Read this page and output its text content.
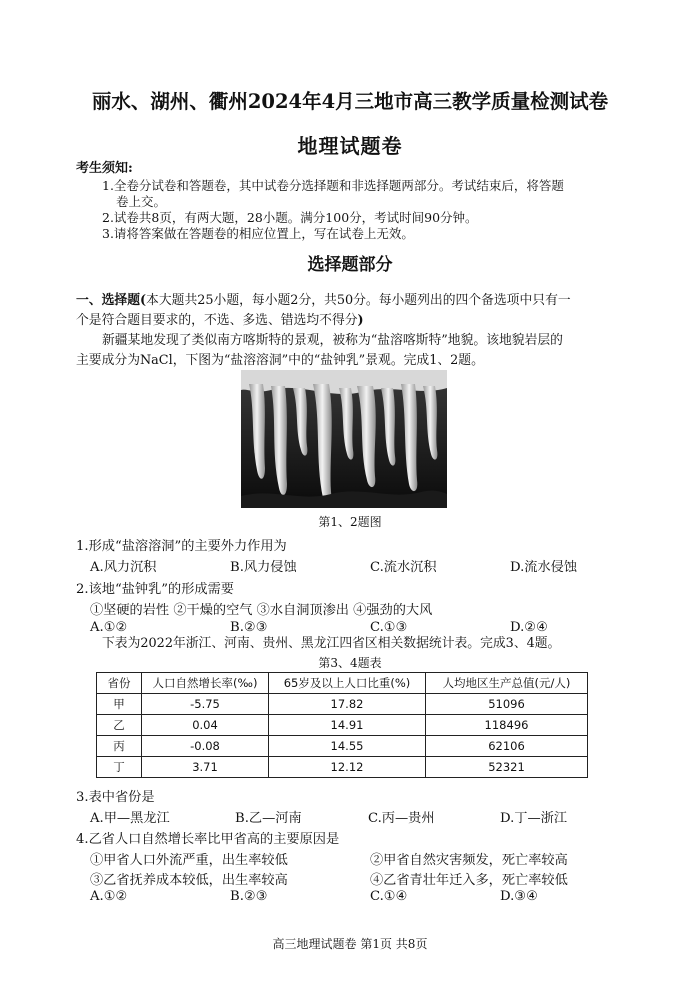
丽水、湖州、衢州2024年4月三地市高三教学质量检测试卷
地理试题卷
考生须知:
1.全卷分试卷和答题卷，其中试卷分选择题和非选择题两部分。考试结束后，将答题
卷上交。
2.试卷共8页，有两大题，28小题。满分100分，考试时间90分钟。
3.请将答案做在答题卷的相应位置上，写在试卷上无效。
选择题部分
一、选择题(本大题共25小题，每小题2分，共50分。每小题列出的四个备选项中只有一
个是符合题目要求的，不选、多选、错选均不得分)
新疆某地发现了类似南方喀斯特的景观，被称为“盐溶喀斯特”地貌。该地貌岩层的
主要成分为NaCl，下图为“盐溶溶洞”中的“盐钟乳”景观。完成1、2题。
第1、2题图
1.形成“盐溶溶洞”的主要外力作用为
A.风力沉积	B.风力侵蚀	C.流水沉积	D.流水侵蚀
2.该地“盐钟乳”的形成需要
①坚硬的岩性 ②干燥的空气 ③水自洞顶渗出 ④强劲的大风
A.①②	B.②③	C.①③	D.②④
下表为2022年浙江、河南、贵州、黑龙江四省区相关数据统计表。完成3、4题。
第3、4题表
省份	人口自然增长率(‰)	65岁及以上人口比重(%)	人均地区生产总值(元/人)
甲	-5.75	17.82	51096
乙	0.04	14.91	118496
丙	-0.08	14.55	62106
丁	3.71	12.12	52321
3.表中省份是
A.甲—黑龙江	B.乙—河南	C.丙—贵州	D.丁—浙江
4.乙省人口自然增长率比甲省高的主要原因是
①甲省人口外流严重，出生率较低	②甲省自然灾害频发，死亡率较高
③乙省抚养成本较低，出生率较高	④乙省青壮年迁入多，死亡率较低
A.①②	B.②③	C.①④	D.③④
高三地理试题卷 第1页 共8页
